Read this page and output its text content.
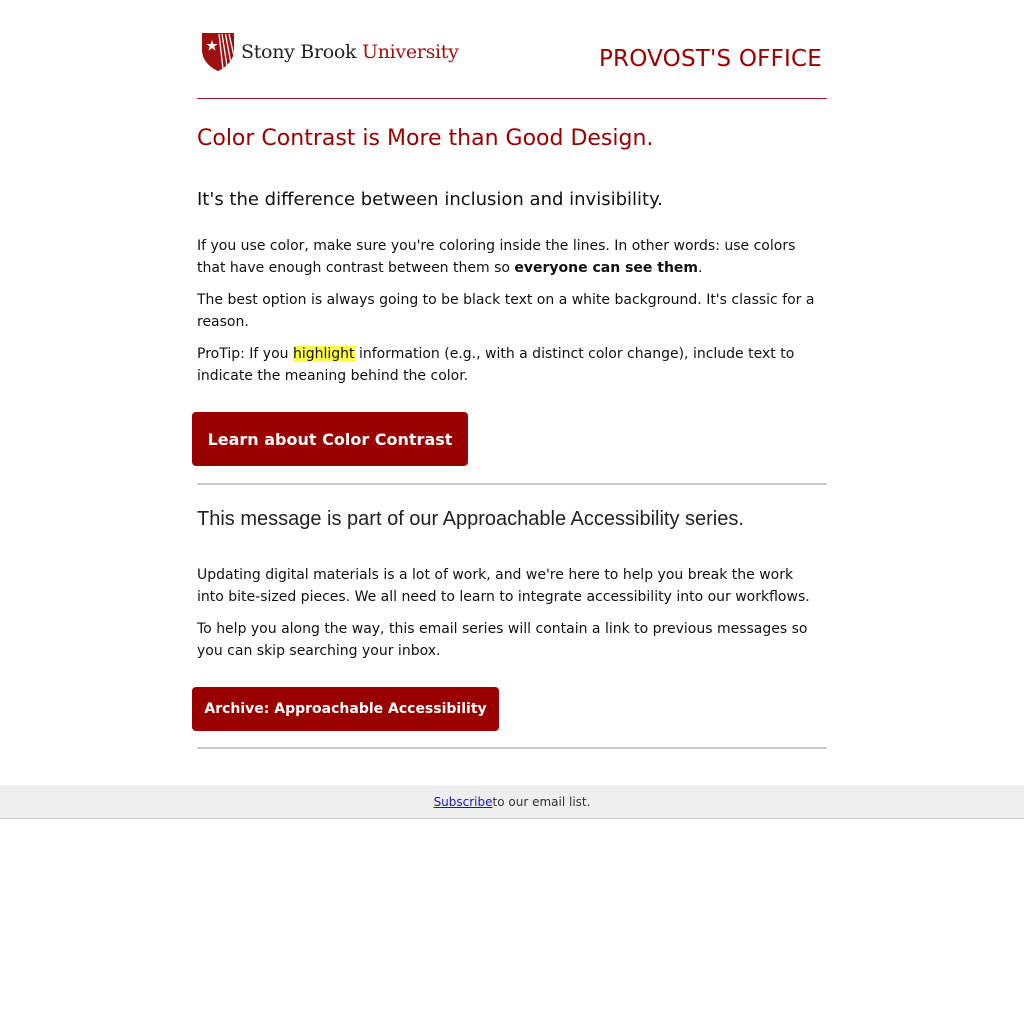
Stony Brook University	PROVOST'S OFFICE
Color Contrast is More than Good Design.
It's the difference between inclusion and invisibility.

If you use color, make sure you're coloring inside the lines. In other words: use colors that have enough contrast between them so everyone can see them.

The best option is always going to be black text on a white background. It's classic for a reason.

ProTip: If you highlight information (e.g., with a distinct color change), include text to indicate the meaning behind the color.

Learn about Color Contrast
This message is part of our Approachable Accessibility series.

Updating digital materials is a lot of work, and we're here to help you break the work into bite-sized pieces. We all need to learn to integrate accessibility into our workflows.

To help you along the way, this email series will contain a link to previous messages so you can skip searching your inbox.

Archive: Approachable Accessibility
Subscribe to our email list.
